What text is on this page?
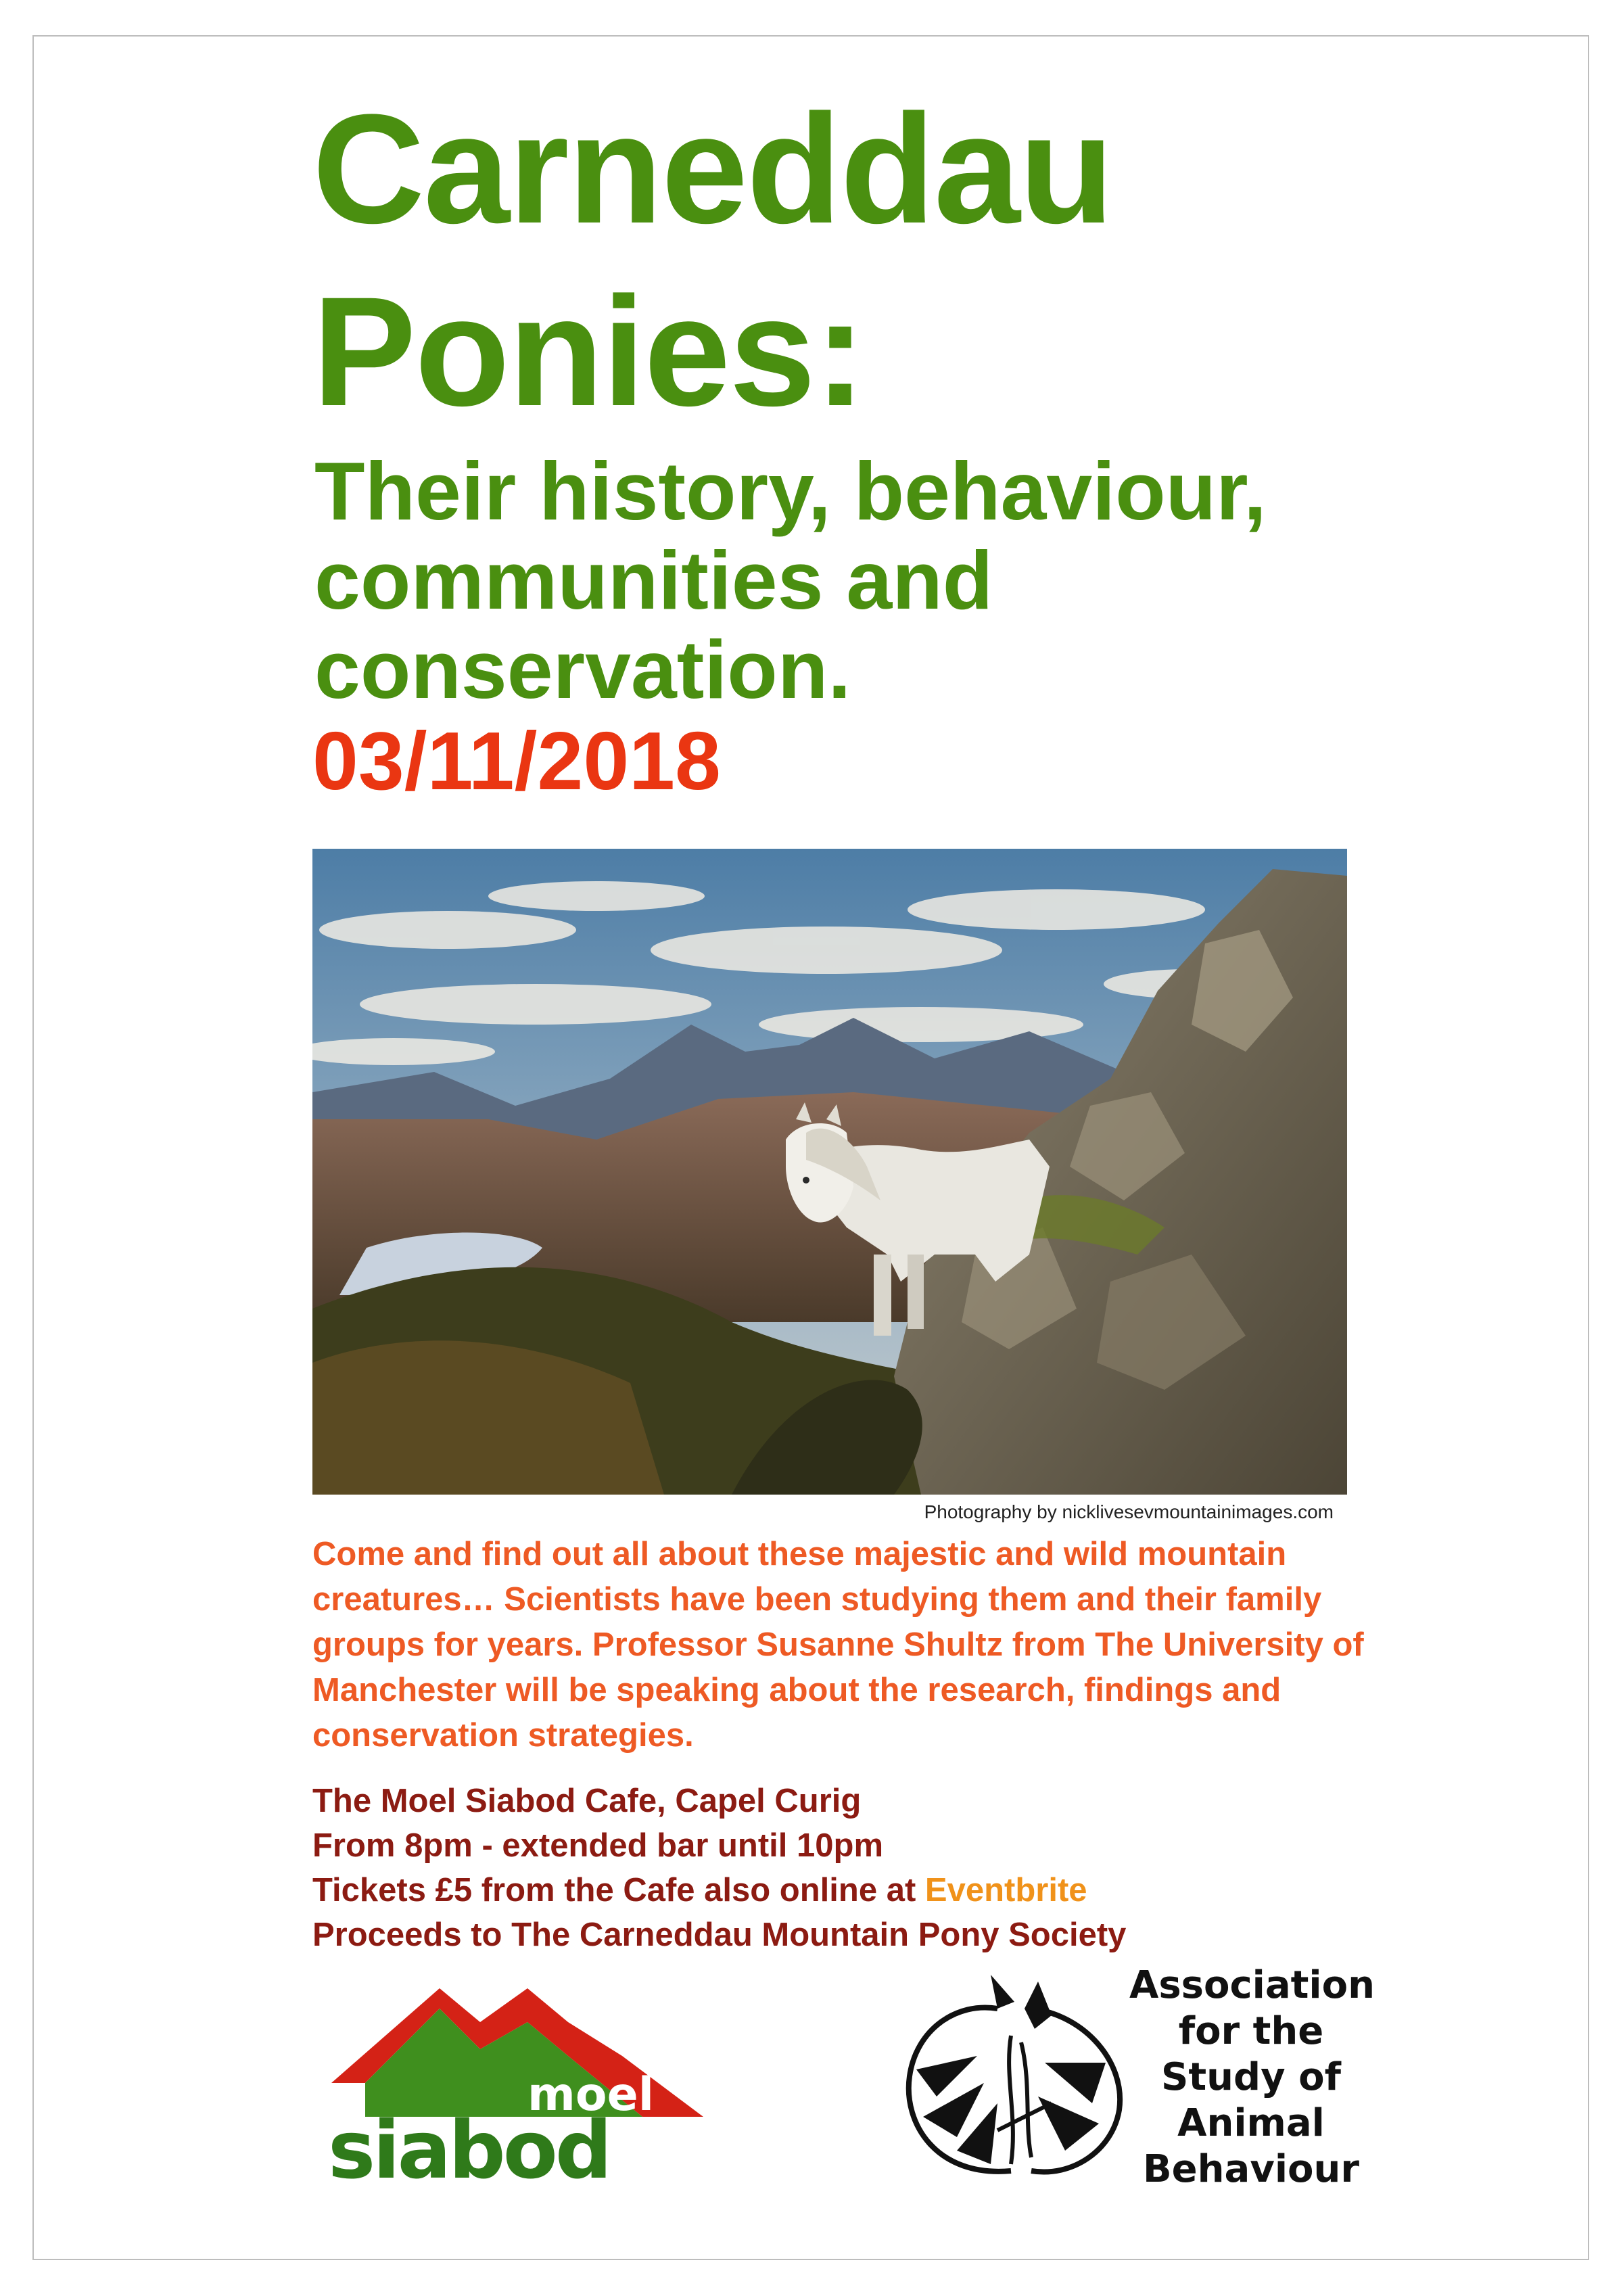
Carneddau Ponies:
Their history, behaviour,
communities and
conservation.
03/11/2018
Photography by nicklivesevmountainimages.com
Come and find out all about these majestic and wild mountain creatures… Scientists have been studying them and their family groups for years. Professor Susanne Shultz from The University of Manchester will be speaking about the research, findings and conservation strategies.
The Moel Siabod Cafe, Capel Curig
From 8pm - extended bar until 10pm
Tickets £5 from the Cafe also online at Eventbrite
Proceeds to The Carneddau Mountain Pony Society
moel
siabod
Association
for the
Study of
Animal
Behaviour
